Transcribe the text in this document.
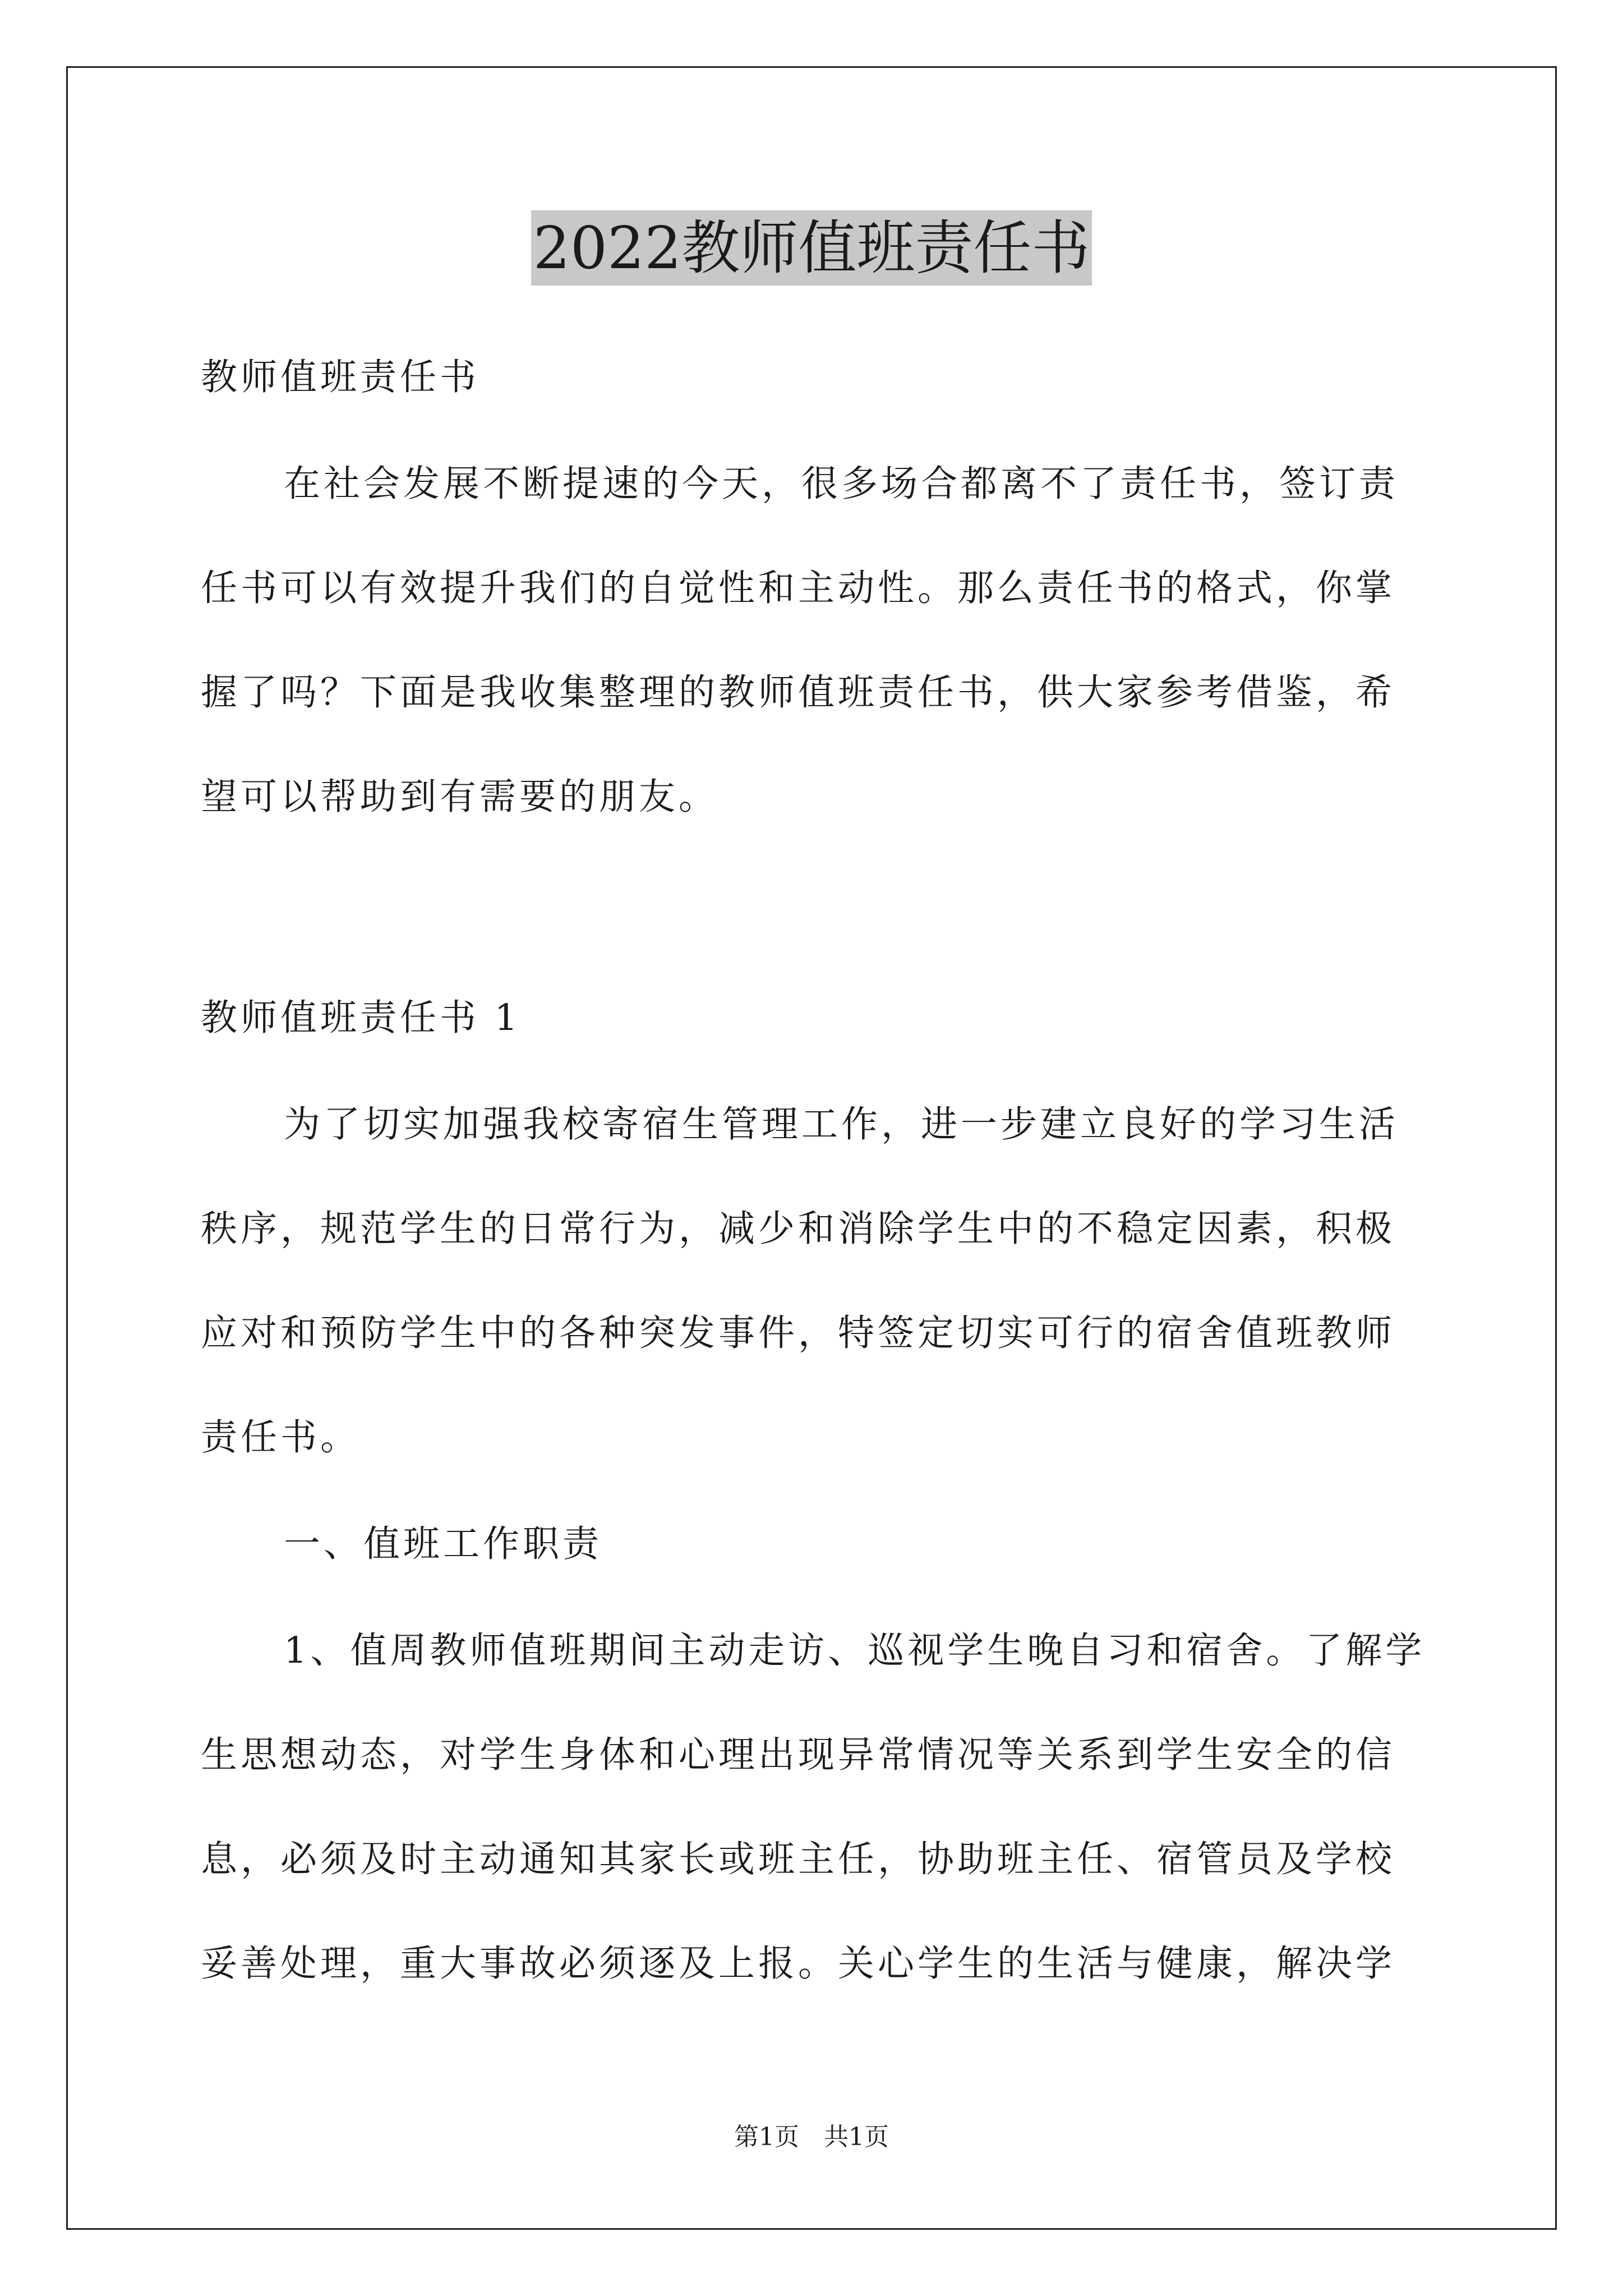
2022教师值班责任书
教师值班责任书
在社会发展不断提速的今天，很多场合都离不了责任书，签订责
任书可以有效提升我们的自觉性和主动性。那么责任书的格式，你掌
握了吗？下面是我收集整理的教师值班责任书，供大家参考借鉴，希
望可以帮助到有需要的朋友。
教师值班责任书 1
为了切实加强我校寄宿生管理工作，进一步建立良好的学习生活
秩序，规范学生的日常行为，减少和消除学生中的不稳定因素，积极
应对和预防学生中的各种突发事件，特签定切实可行的宿舍值班教师
责任书。
一、值班工作职责
1、值周教师值班期间主动走访、巡视学生晚自习和宿舍。了解学
生思想动态，对学生身体和心理出现异常情况等关系到学生安全的信
息，必须及时主动通知其家长或班主任，协助班主任、宿管员及学校
妥善处理，重大事故必须逐及上报。关心学生的生活与健康，解决学
第1页 共1页
